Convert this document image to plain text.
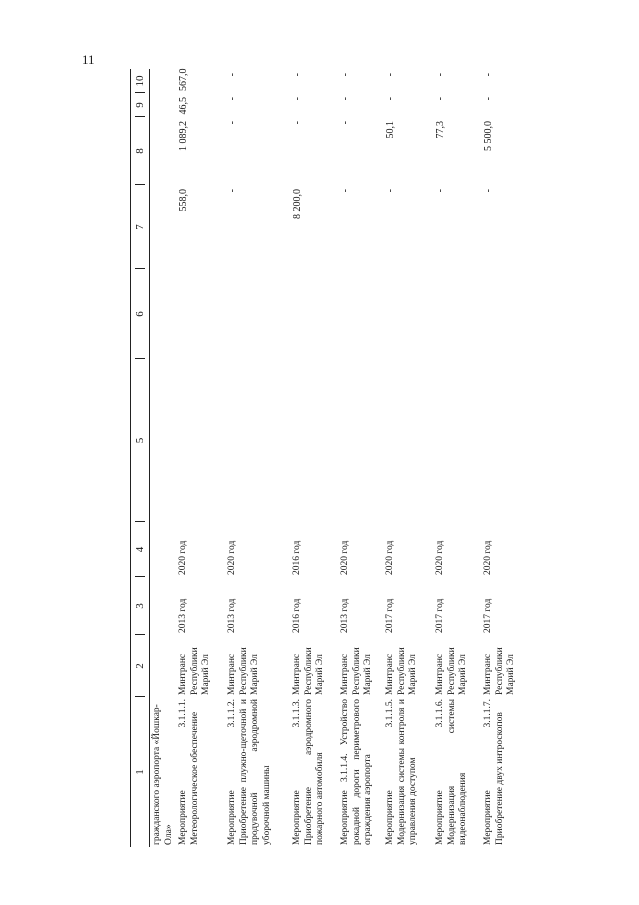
11
1
2
3
4
5
6
7
8
9
10
гражданского аэропорта «Йошкар-Ола» Мероприятие 3.1.1.1. Метеорологическое обеспечение
Минтранс Республики Марий Эл
2013 год
2020 год
558,0
1 089,2
46,5
567,0
Мероприятие 3.1.1.2. Приобретение плужно-щеточной и продувочной аэродромной уборочной машины
Минтранс Республики Марий Эл
2013 год
2020 год
-
-
-
-
Мероприятие 3.1.1.3. Приобретение аэродромного пожарного автомобиля
Минтранс Республики Марий Эл
2016 год
2016 год
8 200,0
-
-
-
Мероприятие 3.1.1.4. Устройство рокадной дороги периметрового ограждения аэропорта
Минтранс Республики Марий Эл
2013 год
2020 год
-
-
-
-
Мероприятие 3.1.1.5. Модернизация системы контроля и управления доступом
Минтранс Республики Марий Эл
2017 год
2020 год
-
50,1
-
-
Мероприятие 3.1.1.6. Модернизация системы видеонаблюдения
Минтранс Республики Марий Эл
2017 год
2020 год
-
77,3
-
-
Мероприятие 3.1.1.7. Приобретение двух интроскопов
Минтранс Республики Марий Эл
2017 год
2020 год
-
5 500,0
-
-
